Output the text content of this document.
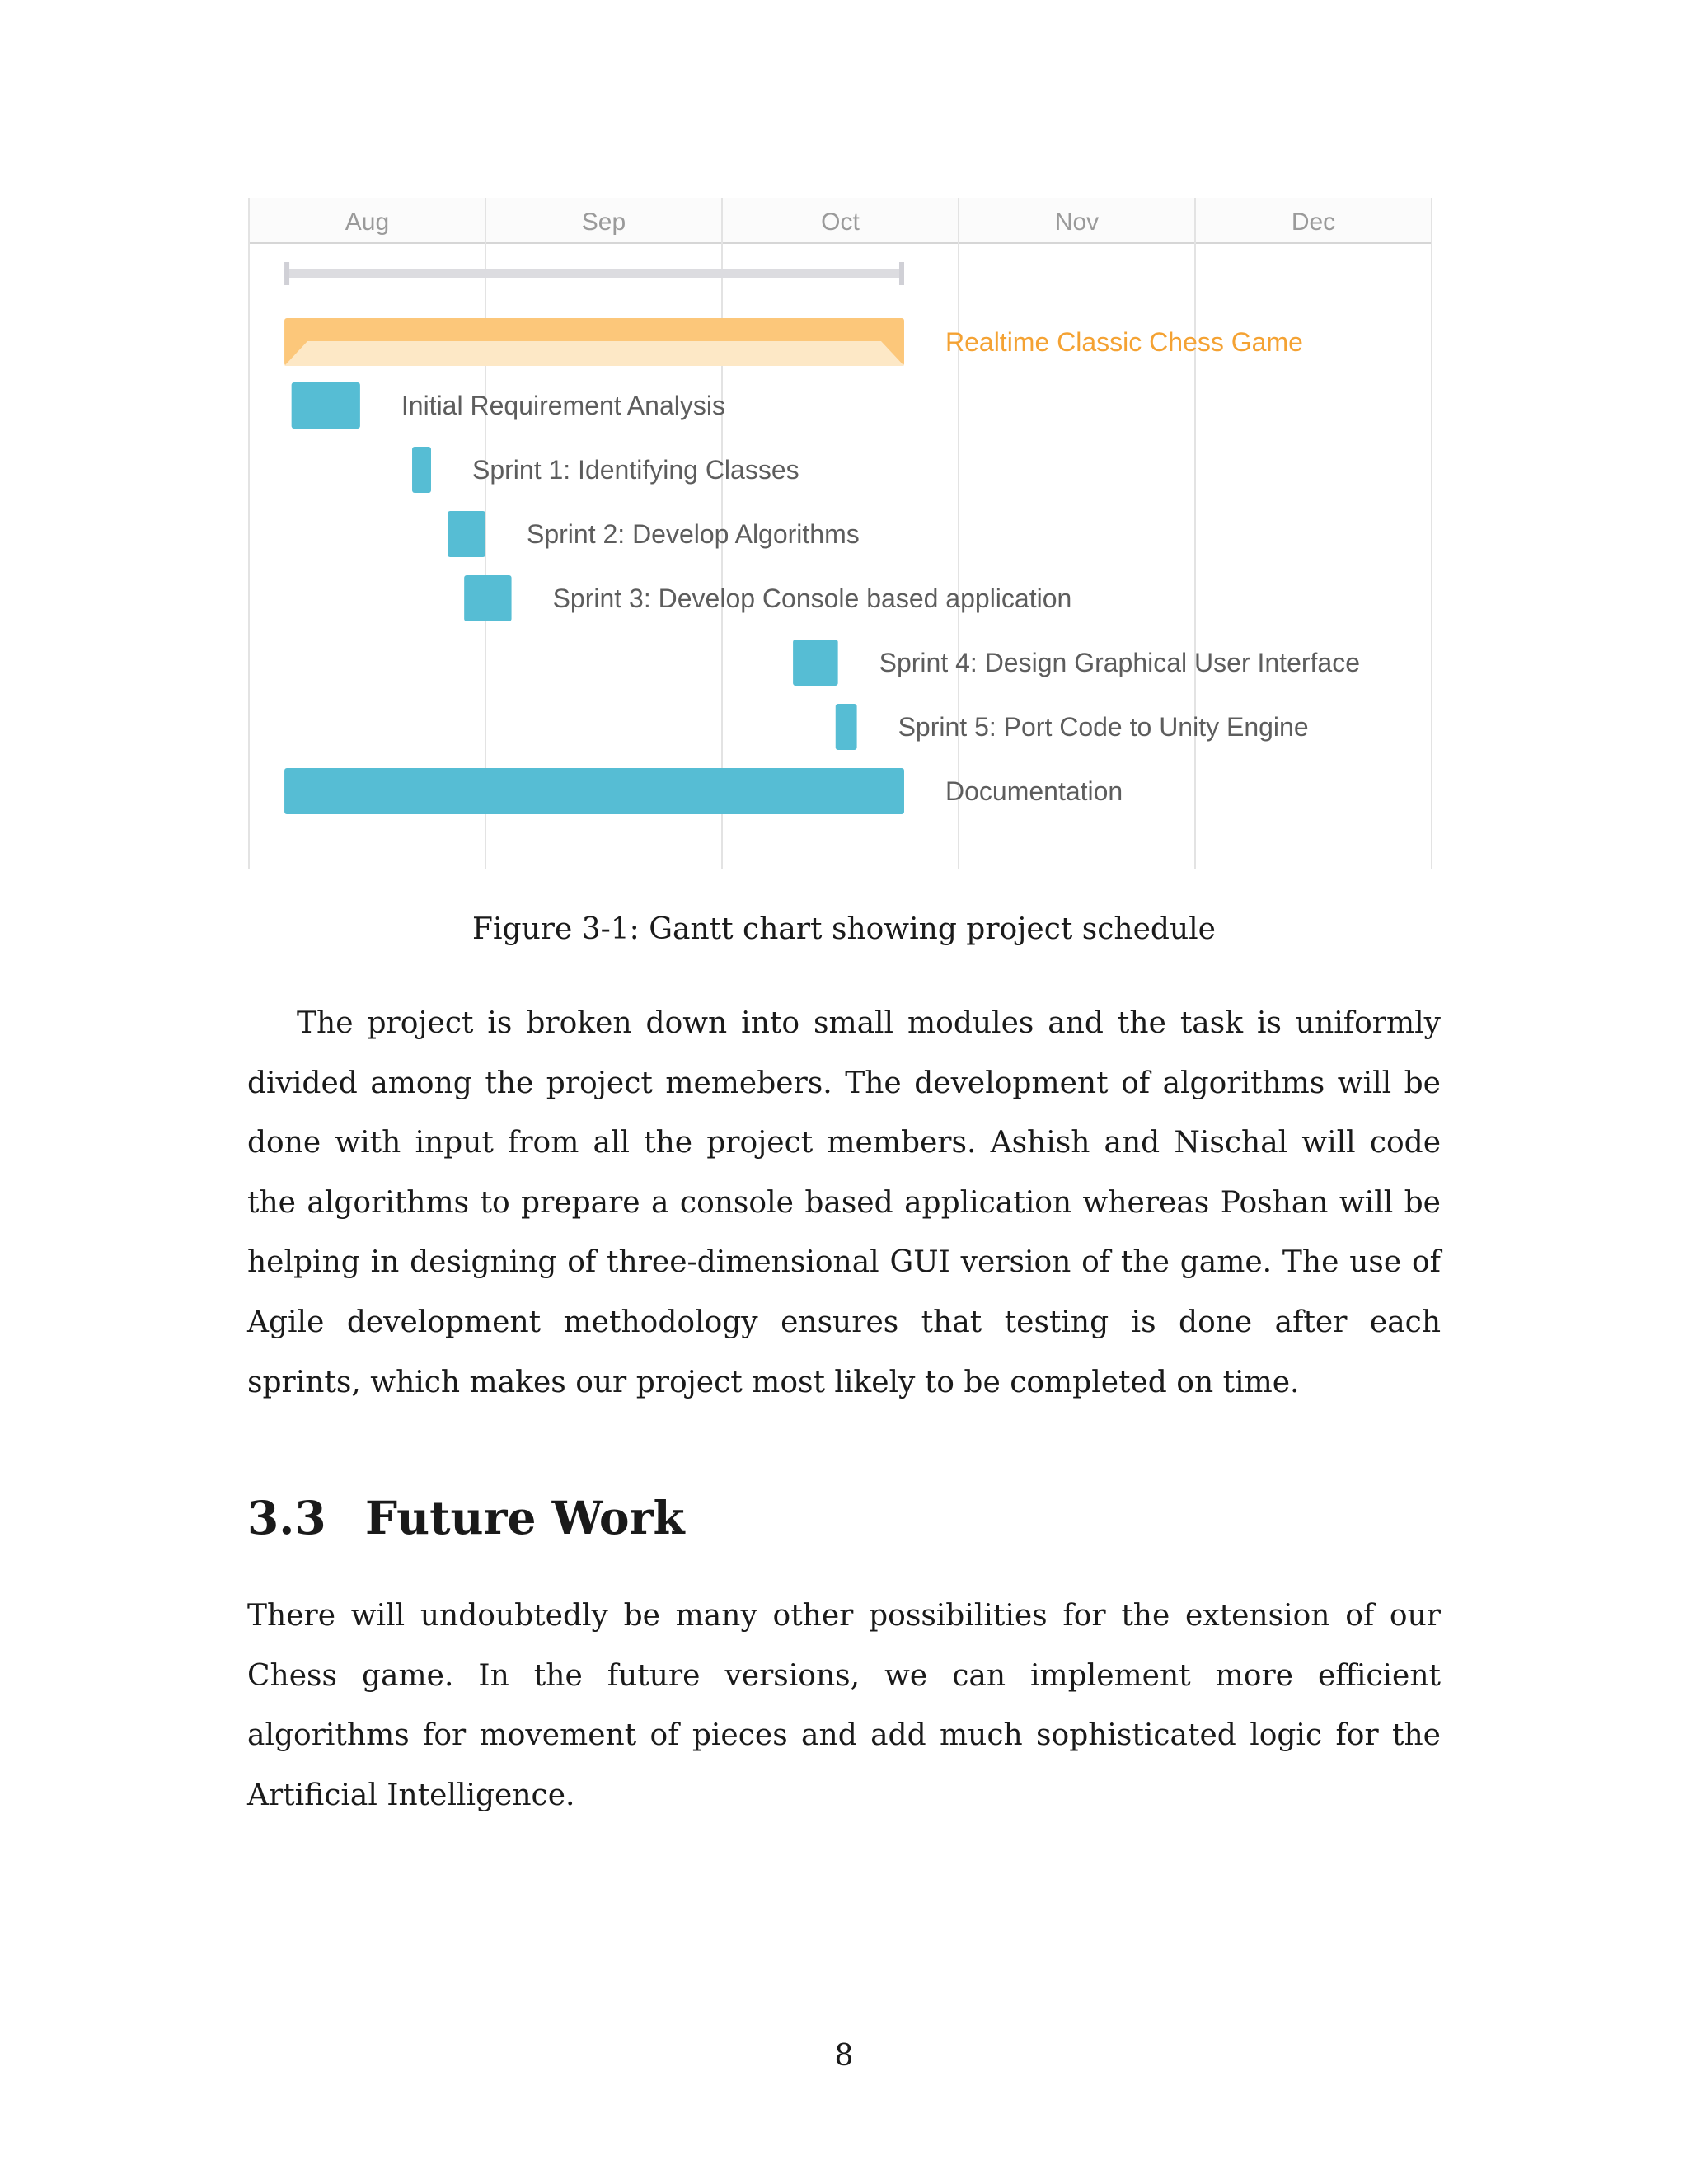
Aug	Sep	Oct	Nov	Dec
Realtime Classic Chess Game
Initial Requirement Analysis
Sprint 1: Identifying Classes
Sprint 2: Develop Algorithms
Sprint 3: Develop Console based application
Sprint 4: Design Graphical User Interface
Sprint 5: Port Code to Unity Engine
Documentation
Figure 3-1: Gantt chart showing project schedule

The project is broken down into small modules and the task is uniformly divided among the project memebers. The development of algorithms will be done with input from all the project members. Ashish and Nischal will code the algorithms to prepare a console based application whereas Poshan will be helping in designing of three-dimensional GUI version of the game. The use of Agile development methodology ensures that testing is done after each sprints, which makes our project most likely to be completed on time.

3.3 Future Work

There will undoubtedly be many other possibilities for the extension of our Chess game. In the future versions, we can implement more efficient algorithms for movement of pieces and add much sophisticated logic for the Artificial Intelligence.

8
